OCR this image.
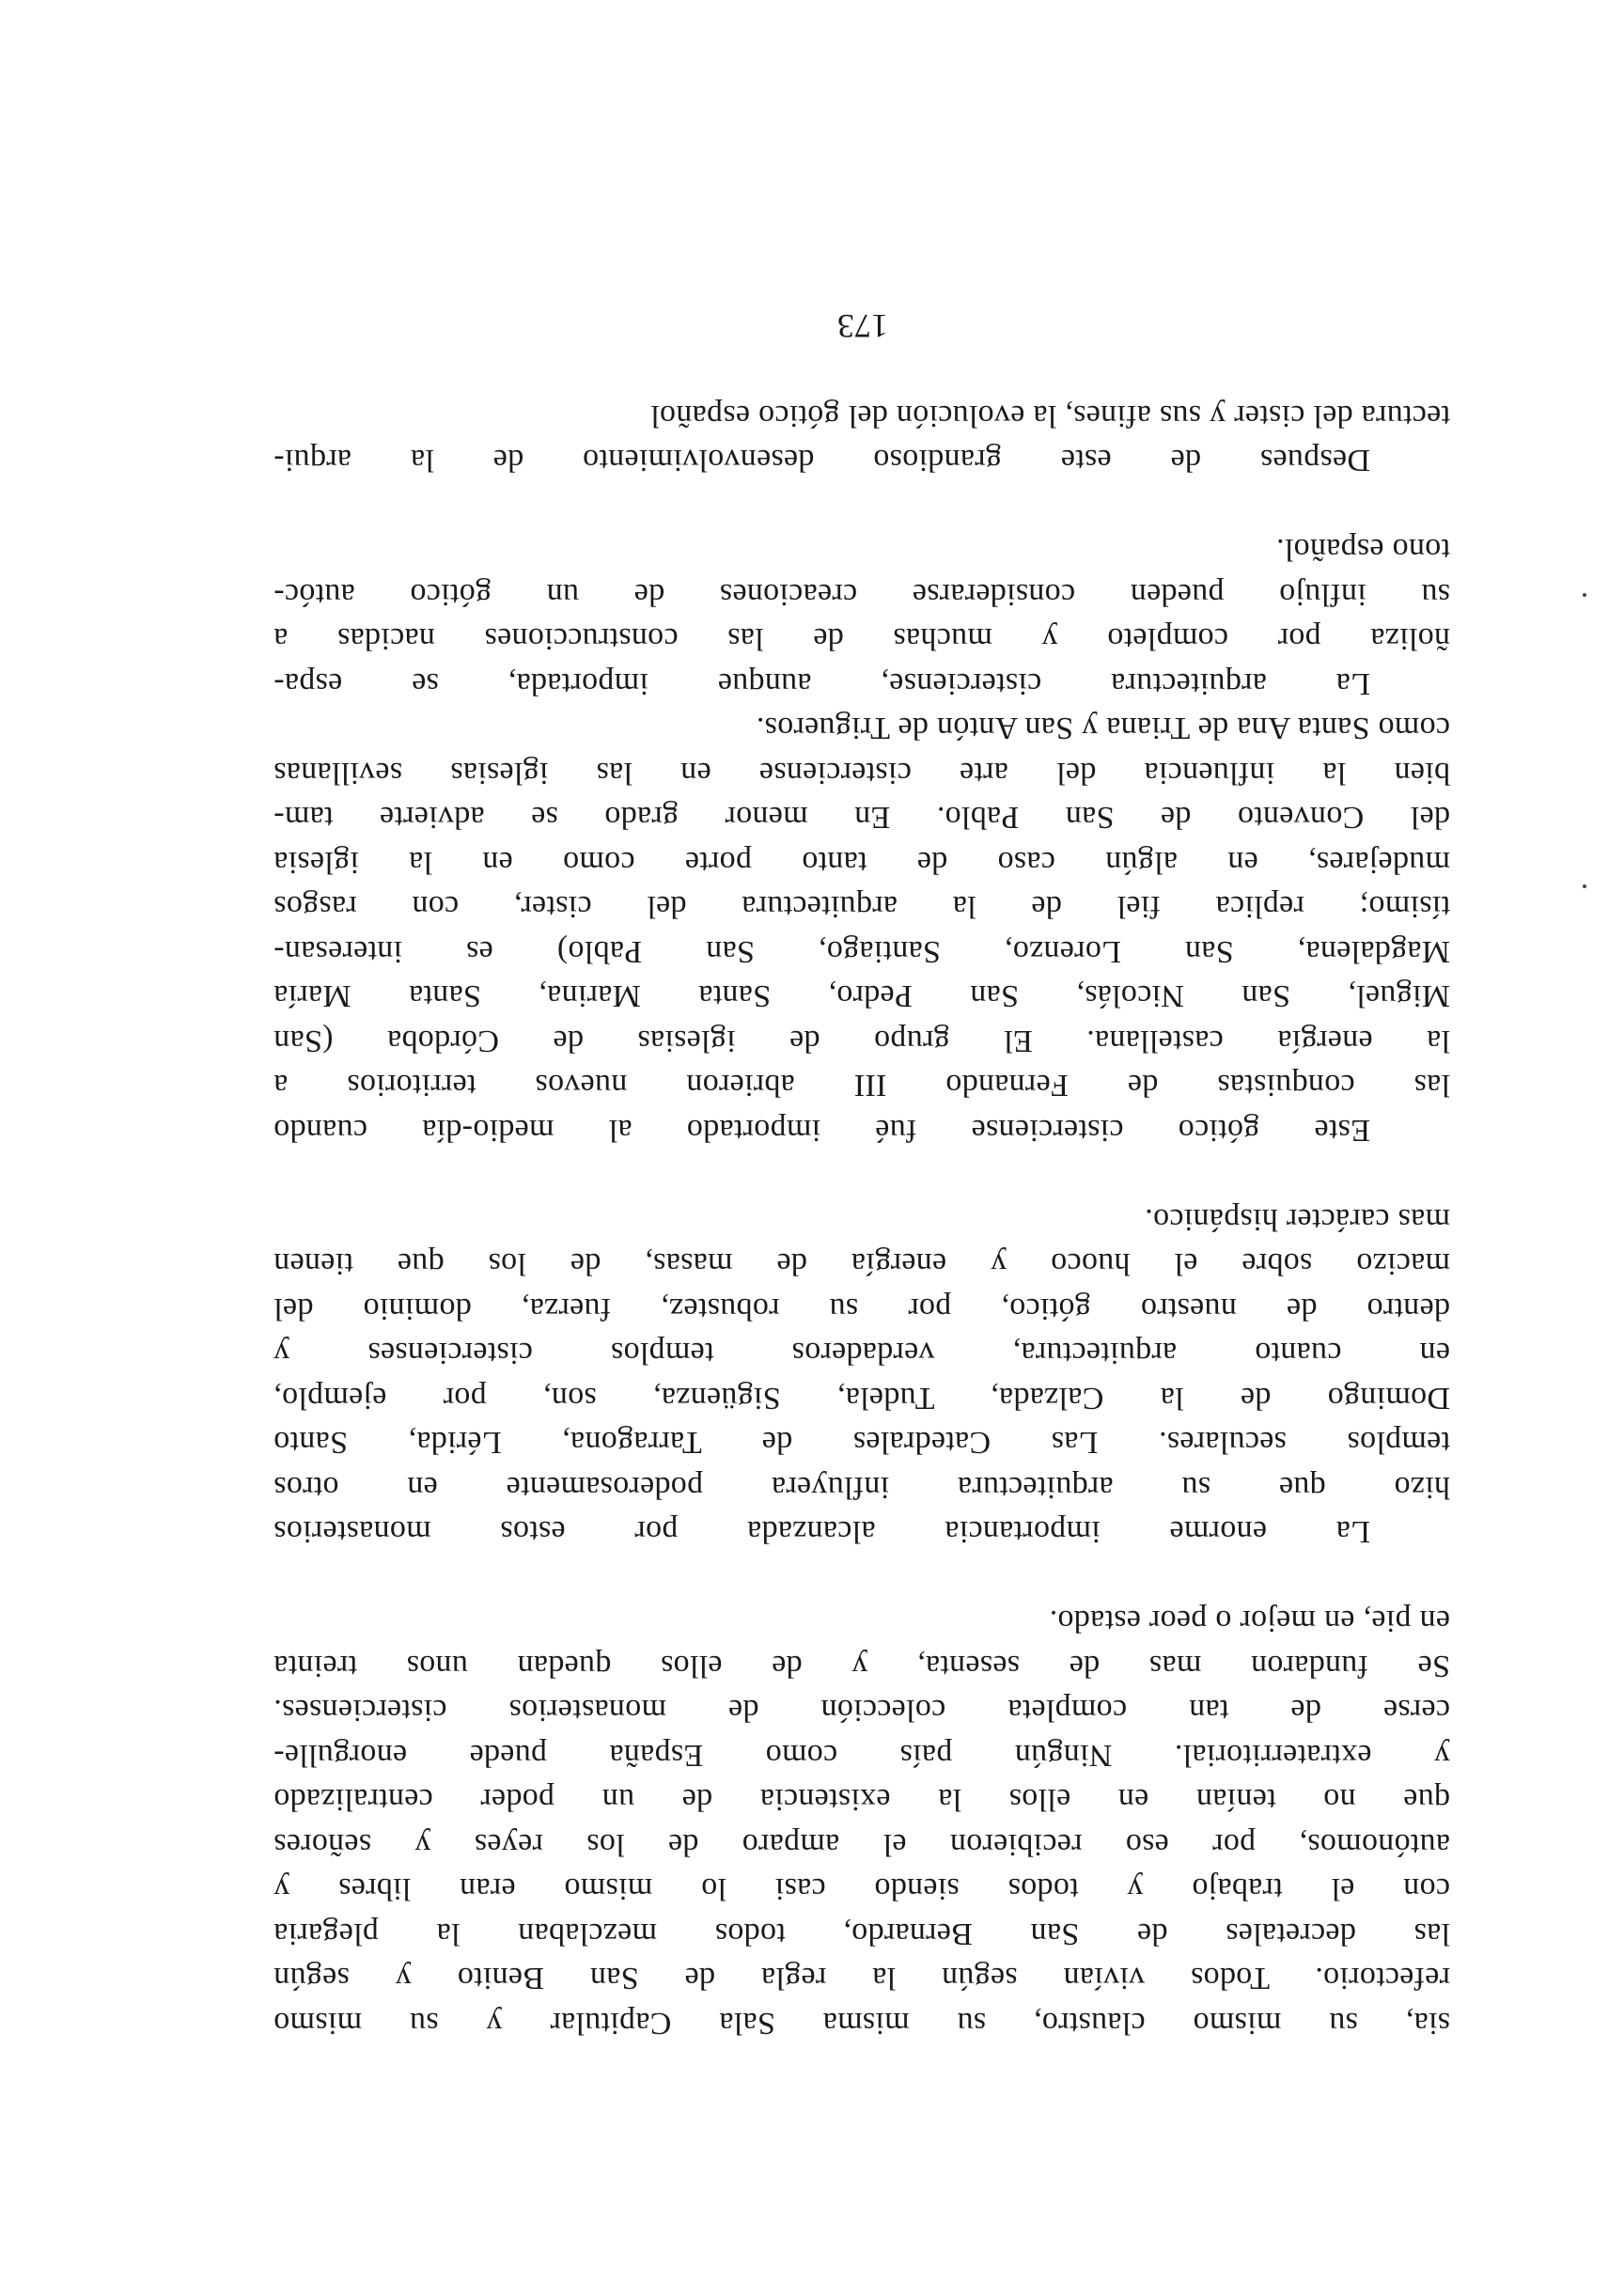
sia, su mismo claustro, su misma Sala Capitular y su mismo
refectorio. Todos vivían según la regla de San Benito y según
las decretales de San Bernardo, todos mezclaban la plegaria
con el trabajo y todos siendo casi lo mismo eran libres y
autónomos, por eso recibieron el amparo de los reyes y señores
que no tenían en ellos la existencia de un poder centralizado
y extraterritorial. Ningún país como España puede enorgulle-
cerse de tan completa colección de monasterios cistercienses.
Se fundaron mas de sesenta, y de ellos quedan unos treinta
en pie, en mejor o peor estado.
La enorme importancia alcanzada por estos monasterios
hizo que su arquitectura influyera poderosamente en otros
templos seculares. Las Catedrales de Tarragona, Lérida, Santo
Domingo de la Calzada, Tudela, Sigüenza, son, por ejemplo,
en cuanto arquitectura, verdaderos templos cistercienses y
dentro de nuestro gótico, por su robustez, fuerza, dominio del
macizo sobre el huoco y energía de masas, de los que tienen
mas carácter hispánico.
Este gótico cisterciense fué importado al medio-día cuando
las conquistas de Fernando III abrieron nuevos territorios a
la energía castellana. El grupo de iglesias de Córdoba (San
Miguel, San Nicolás, San Pedro, Santa Marina, Santa María
Magdalena, San Lorenzo, Santiago, San Pablo) es interesan-
tísimo; replica fiel de la arquitectura del cister, con rasgos
mudejares, en algún caso de tanto porte como en la iglesia
del Convento de San Pablo. En menor grado se advierte tam-
bien la influencia del arte cisterciense en las iglesias sevillanas
como Santa Ana de Triana y San Antón de Trigueros.
La arquitectura cisterciense, aunque importada, se espa-
ñoliza por completo y muchas de las construcciones nacidas a
su influjo pueden considerarse creaciones de un gótico autóc-
tono español.
Despues de este grandioso desenvolvimiento de la arqui-
tectura del cister y sus afines, la evolución del gótico español
173
